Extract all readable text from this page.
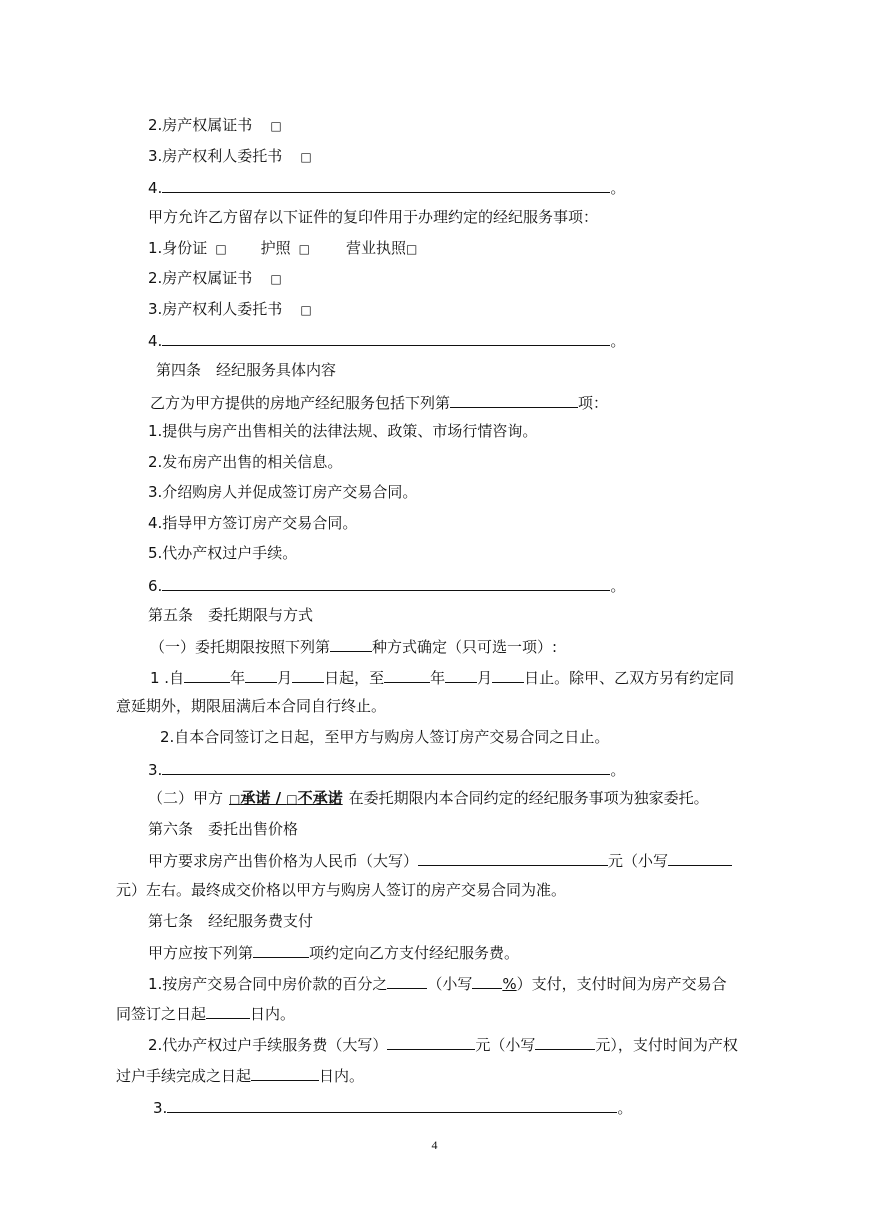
2.房产权属证书 □
3.房产权利人委托书 □
4.	。
甲方允许乙方留存以下证件的复印件用于办理约定的经纪服务事项：
1.身份证 □ 护照 □ 营业执照□
2.房产权属证书 □
3.房产权利人委托书 □
4.	。
第四条　经纪服务具体内容
乙方为甲方提供的房地产经纪服务包括下列第	项：
1.提供与房产出售相关的法律法规、政策、市场行情咨询。
2.发布房产出售的相关信息。
3.介绍购房人并促成签订房产交易合同。
4.指导甲方签订房产交易合同。
5.代办产权过户手续。
6.	。
第五条　委托期限与方式
（一）委托期限按照下列第	种方式确定（只可选一项）:
1 .自	年 月 日起，至	年 月 日止。除甲、乙双方另有约定同
意延期外，期限届满后本合同自行终止。
2.自本合同签订之日起，至甲方与购房人签订房产交易合同之日止。
3.	。
（二）甲方 □承诺 / □不承诺 在委托期限内本合同约定的经纪服务事项为独家委托。
第六条　委托出售价格
甲方要求房产出售价格为人民币（大写）	元（小写
元）左右。最终成交价格以甲方与购房人签订的房产交易合同为准。
第七条　经纪服务费支付
甲方应按下列第	项约定向乙方支付经纪服务费。
1.按房产交易合同中房价款的百分之	（小写 %）支付，支付时间为房产交易合
同签订之日起	日内。
2.代办产权过户手续服务费（大写）	元（小写	元），支付时间为产权
过户手续完成之日起	日内。
3.	。
4
